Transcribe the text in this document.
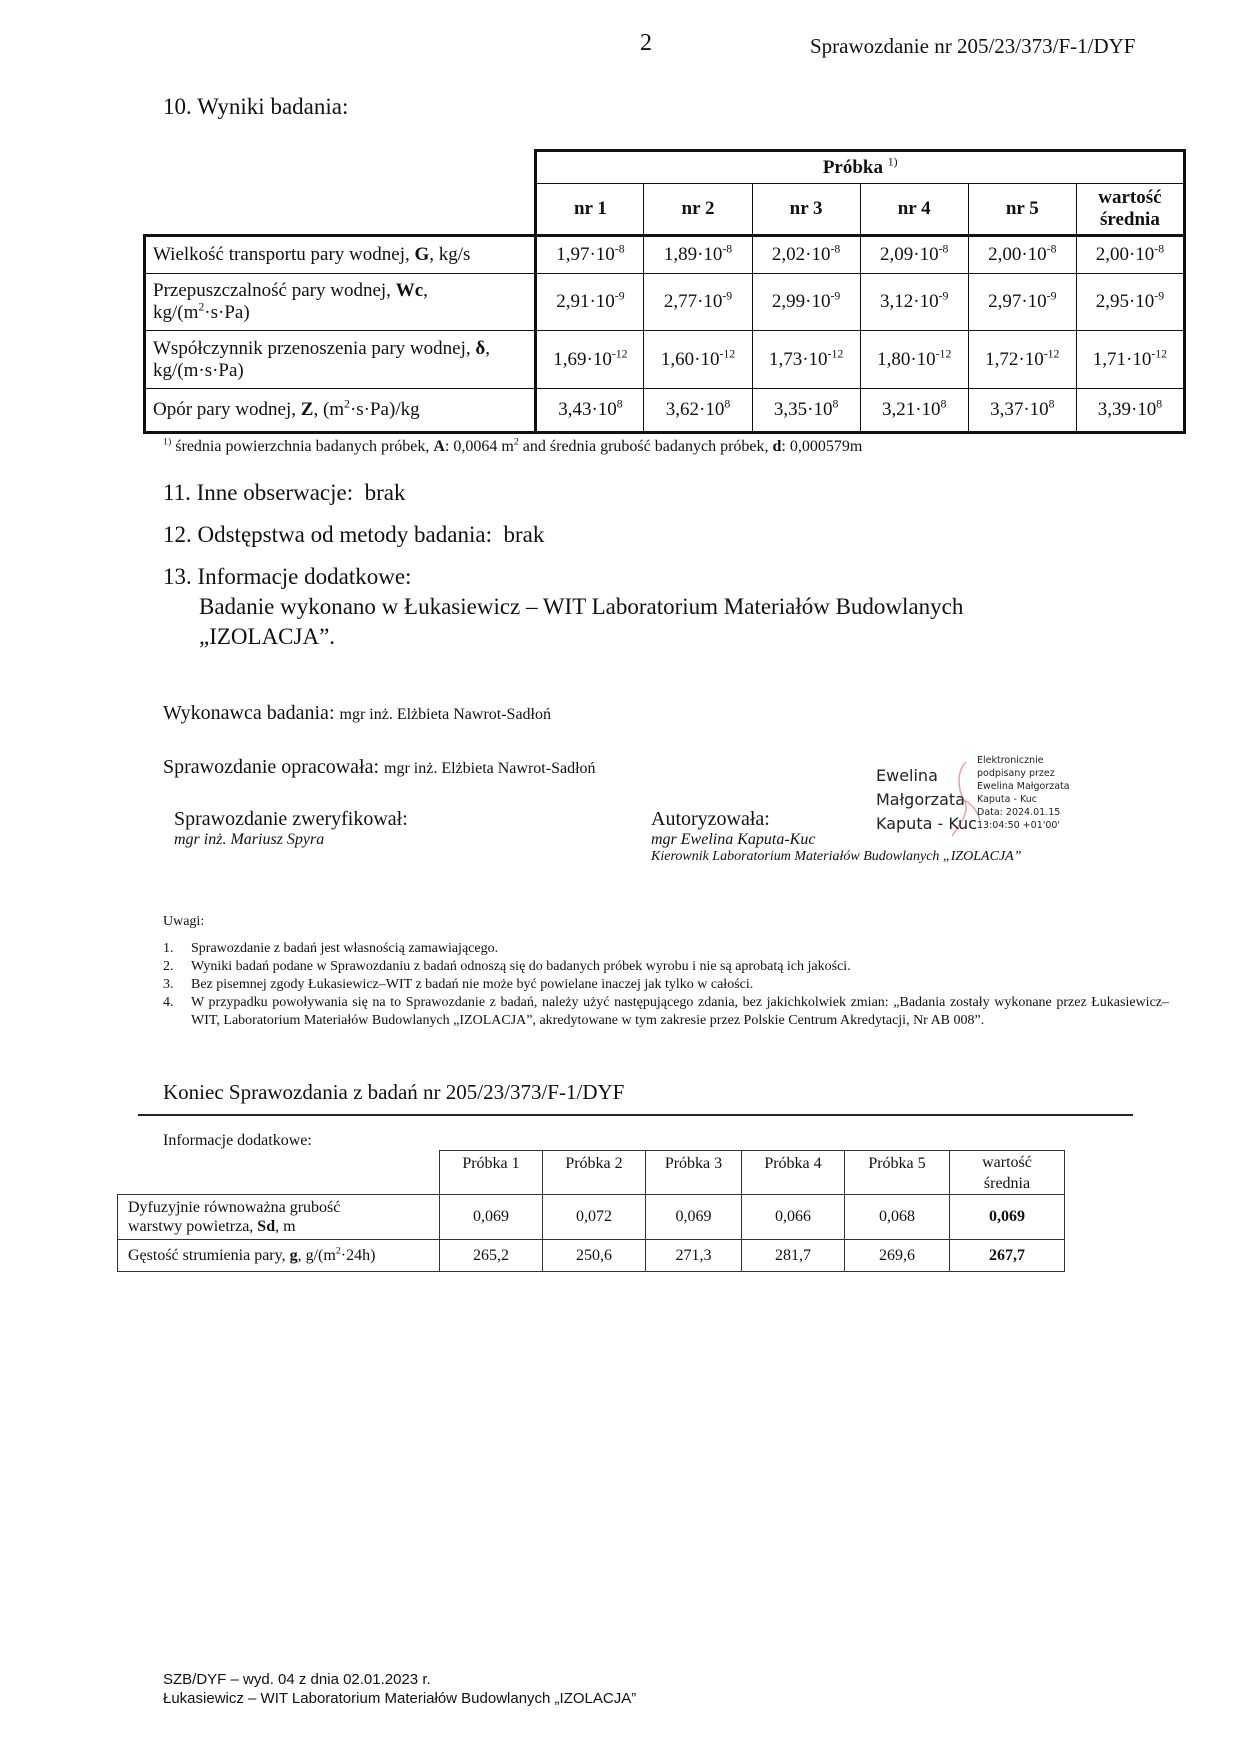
2	Sprawozdanie nr 205/23/373/F-1/DYF
10. Wyniki badania:
	Próbka $^{1)}$
	nr 1	nr 2	nr 3	nr 4	nr 5	wartość
średnia
Wielkość transportu pary wodnej, G, kg/s	$1,97\cdot 10^{-8}$	$1,89\cdot 10^{-8}$	$2,02\cdot 10^{-8}$	$2,09\cdot 10^{-8}$	$2,00\cdot 10^{-8}$	$2,00\cdot 10^{-8}$
Przepuszczalność pary wodnej, Wc,
$kg/(m^2\cdot s\cdot Pa)$	$2,91\cdot 10^{-9}$	$2,77\cdot 10^{-9}$	$2,99\cdot 10^{-9}$	$3,12\cdot 10^{-9}$	$2,97\cdot 10^{-9}$	$2,95\cdot 10^{-9}$
Współczynnik przenoszenia pary wodnej, δ,
kg/(m·s·Pa)	$1,69\cdot 10^{-12}$	$1,60\cdot 10^{-12}$	$1,73\cdot 10^{-12}$	$1,80\cdot 10^{-12}$	$1,72\cdot 10^{-12}$	$1,71\cdot 10^{-12}$
Opór pary wodnej, Z, $(m^2\cdot s\cdot Pa)/kg$	$3,43\cdot 10^8$	$3,62\cdot 10^8$	$3,35\cdot 10^8$	$3,21\cdot 10^8$	$3,37\cdot 10^8$	$3,39\cdot 10^8$
$^{1)}$ średnia powierzchnia badanych próbek, A: 0,0064 $m^2$ and średnia grubość badanych próbek, d: 0,000579m
11. Inne obserwacje: brak
12. Odstępstwa od metody badania: brak
13. Informacje dodatkowe:
Badanie wykonano w Łukasiewicz – WIT Laboratorium Materiałów Budowlanych
„IZOLACJA”.
Wykonawca badania: mgr inż. Elżbieta Nawrot-Sadłoń
Sprawozdanie opracowała: mgr inż. Elżbieta Nawrot-Sadłoń
Sprawozdanie zweryfikował:
mgr inż. Mariusz Spyra
Autoryzowała:
mgr Ewelina Kaputa-Kuc
Kierownik Laboratorium Materiałów Budowlanych „IZOLACJA”
Ewelina
Małgorzata
Kaputa - Kuc
Elektronicznie
podpisany przez
Ewelina Małgorzata
Kaputa - Kuc
Data: 2024.01.15
13:04:50 +01'00'
Uwagi:
1.	Sprawozdanie z badań jest własnością zamawiającego.
2.	Wyniki badań podane w Sprawozdaniu z badań odnoszą się do badanych próbek wyrobu i nie są aprobatą ich jakości.
3.	Bez pisemnej zgody Łukasiewicz–WIT z badań nie może być powielane inaczej jak tylko w całości.
4.	W przypadku powoływania się na to Sprawozdanie z badań, należy użyć następującego zdania, bez jakichkolwiek zmian: „Badania zostały wykonane przez Łukasiewicz–WIT, Laboratorium Materiałów Budowlanych „IZOLACJA”, akredytowane w tym zakresie przez Polskie Centrum Akredytacji, Nr AB 008”.
Koniec Sprawozdania z badań nr 205/23/373/F-1/DYF
Informacje dodatkowe:
	Próbka 1	Próbka 2	Próbka 3	Próbka 4	Próbka 5	wartość
średnia
Dyfuzyjnie równoważna grubość
warstwy powietrza, Sd, m	0,069	0,072	0,069	0,066	0,068	0,069
Gęstość strumienia pary, g, $g/(m^2\cdot 24h)$	265,2	250,6	271,3	281,7	269,6	267,7
SZB/DYF – wyd. 04 z dnia 02.01.2023 r.
Łukasiewicz – WIT Laboratorium Materiałów Budowlanych „IZOLACJA”
